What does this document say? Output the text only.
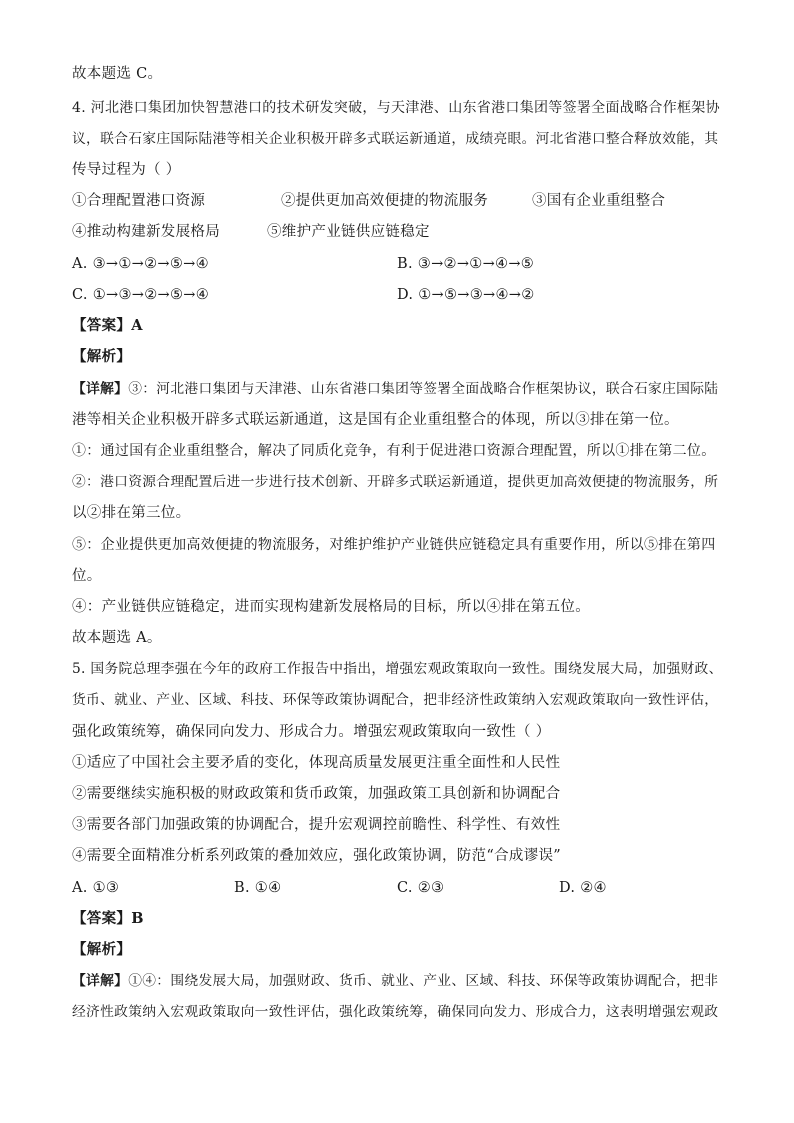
故本题选 C。
4. 河北港口集团加快智慧港口的技术研发突破，与天津港、山东省港口集团等签署全面战略合作框架协
议，联合石家庄国际陆港等相关企业积极开辟多式联运新通道，成绩亮眼。河北省港口整合释放效能，其
传导过程为（ ）
①合理配置港口资源	②提供更加高效便捷的物流服务	③国有企业重组整合
④推动构建新发展格局	⑤维护产业链供应链稳定
A. ③→①→②→⑤→④	B. ③→②→①→④→⑤
C. ①→③→②→⑤→④	D. ①→⑤→③→④→②
【答案】A
【解析】
【详解】③：河北港口集团与天津港、山东省港口集团等签署全面战略合作框架协议，联合石家庄国际陆
港等相关企业积极开辟多式联运新通道，这是国有企业重组整合的体现，所以③排在第一位。
①：通过国有企业重组整合，解决了同质化竞争，有利于促进港口资源合理配置，所以①排在第二位。
②：港口资源合理配置后进一步进行技术创新、开辟多式联运新通道，提供更加高效便捷的物流服务，所
以②排在第三位。
⑤：企业提供更加高效便捷的物流服务，对维护维护产业链供应链稳定具有重要作用，所以⑤排在第四
位。
④：产业链供应链稳定，进而实现构建新发展格局的目标，所以④排在第五位。
故本题选 A。
5. 国务院总理李强在今年的政府工作报告中指出，增强宏观政策取向一致性。围绕发展大局，加强财政、
货币、就业、产业、区域、科技、环保等政策协调配合，把非经济性政策纳入宏观政策取向一致性评估，
强化政策统筹，确保同向发力、形成合力。增强宏观政策取向一致性（ ）
①适应了中国社会主要矛盾的变化，体现高质量发展更注重全面性和人民性
②需要继续实施积极的财政政策和货币政策，加强政策工具创新和协调配合
③需要各部门加强政策的协调配合，提升宏观调控前瞻性、科学性、有效性
④需要全面精准分析系列政策的叠加效应，强化政策协调，防范“合成谬误”
A. ①③	B. ①④	C. ②③	D. ②④
【答案】B
【解析】
【详解】①④：围绕发展大局，加强财政、货币、就业、产业、区域、科技、环保等政策协调配合，把非
经济性政策纳入宏观政策取向一致性评估，强化政策统筹，确保同向发力、形成合力，这表明增强宏观政
